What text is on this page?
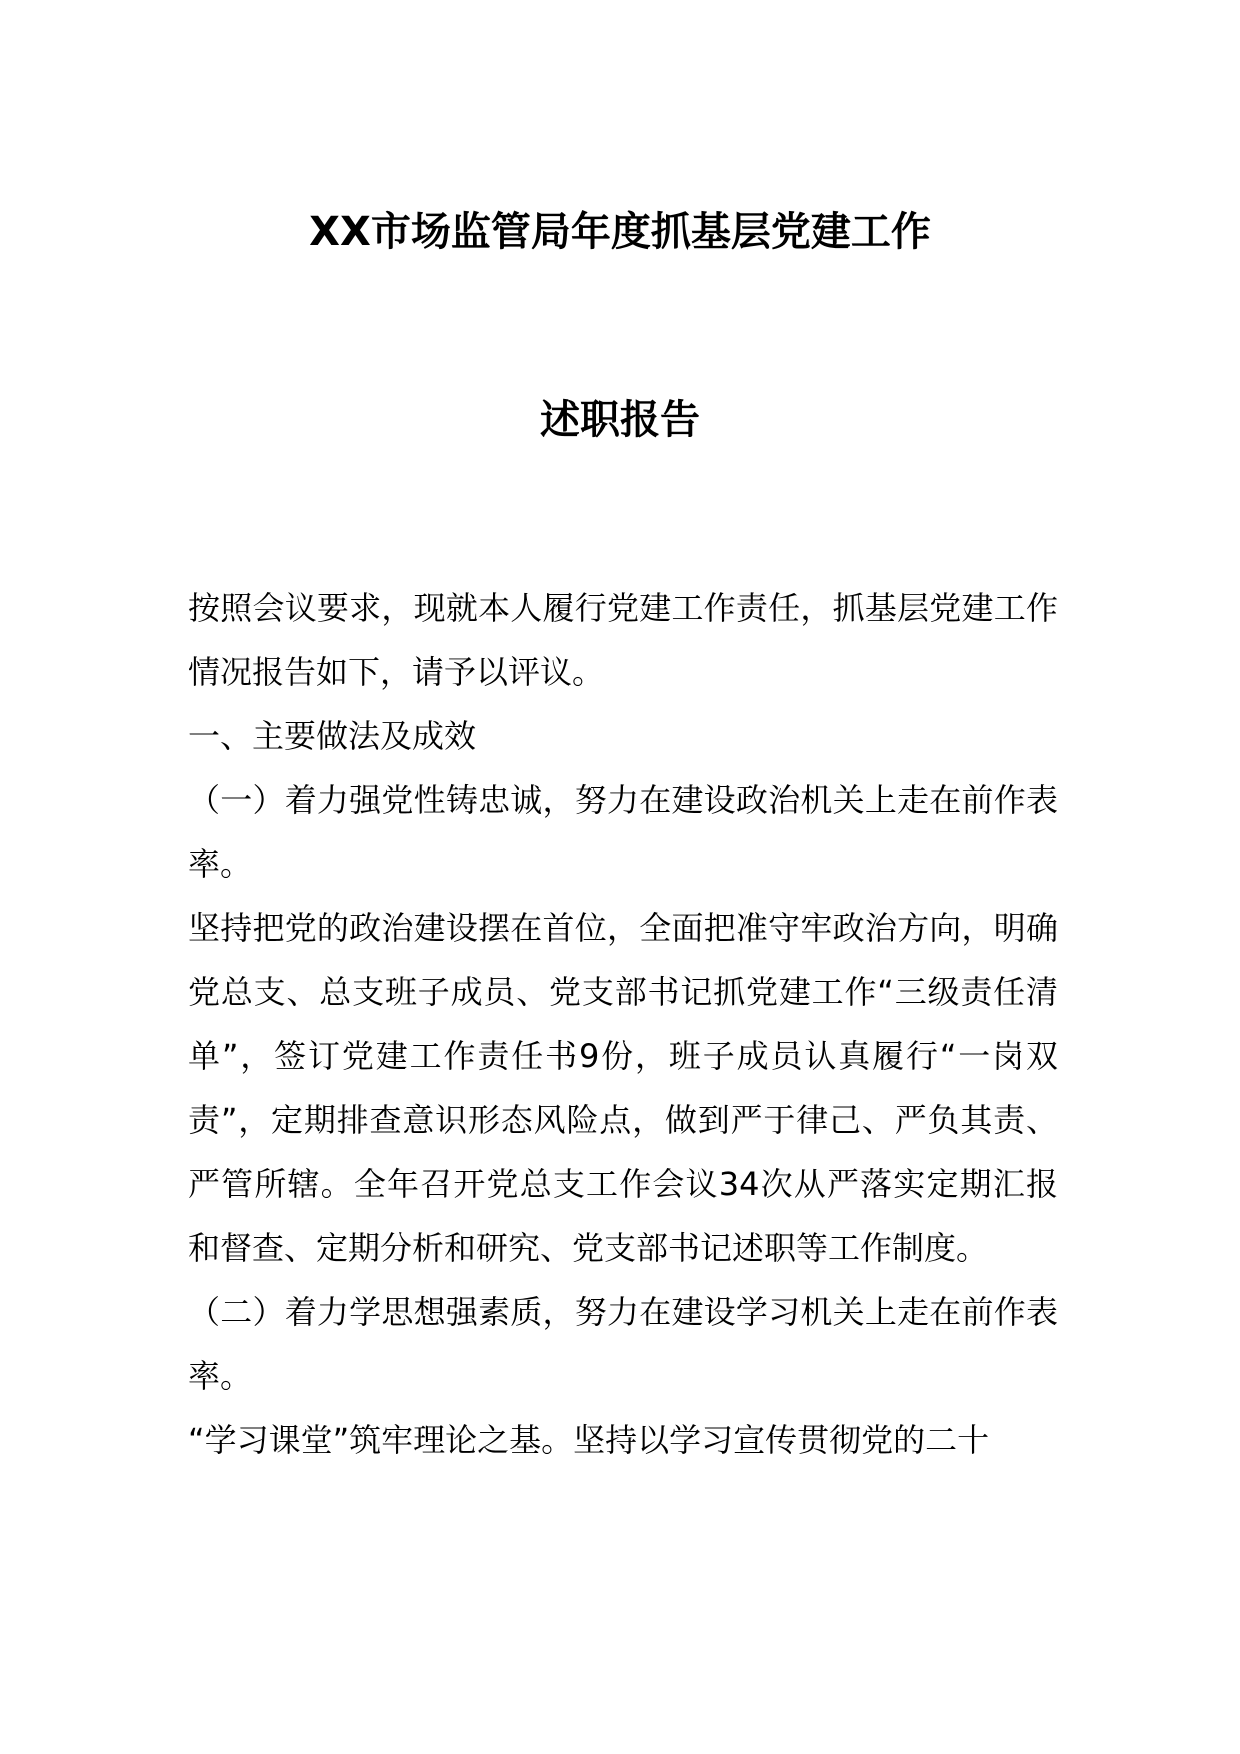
XX市场监管局年度抓基层党建工作
述职报告

按照会议要求，现就本人履行党建工作责任，抓基层党建工作情况报告如下，请予以评议。

一、主要做法及成效

（一）着力强党性铸忠诚，努力在建设政治机关上走在前作表率。

坚持把党的政治建设摆在首位，全面把准守牢政治方向，明确党总支、总支班子成员、党支部书记抓党建工作“三级责任清单”，签订党建工作责任书9份，班子成员认真履行“一岗双责”，定期排查意识形态风险点，做到严于律己、严负其责、严管所辖。全年召开党总支工作会议34次从严落实定期汇报和督查、定期分析和研究、党支部书记述职等工作制度。

（二）着力学思想强素质，努力在建设学习机关上走在前作表率。

“学习课堂”筑牢理论之基。坚持以学习宣传贯彻党的二十
